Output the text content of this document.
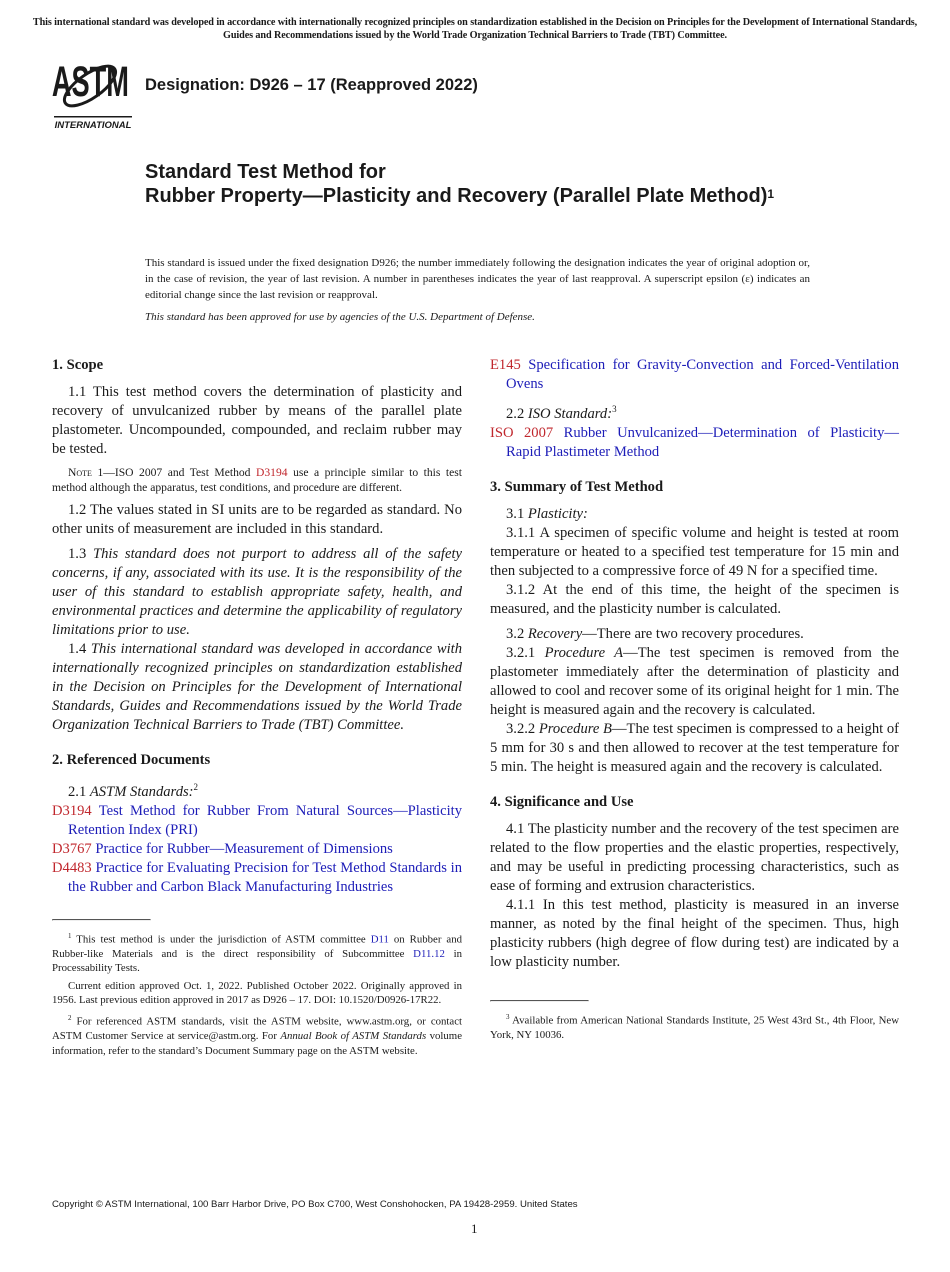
This international standard was developed in accordance with internationally recognized principles on standardization established in the Decision on Principles for the Development of International Standards, Guides and Recommendations issued by the World Trade Organization Technical Barriers to Trade (TBT) Committee.
ASTM
INTERNATIONAL
Designation: D926 – 17 (Reapproved 2022)
Standard Test Method for
Rubber Property—Plasticity and Recovery (Parallel Plate Method)$^1$
This standard is issued under the fixed designation D926; the number immediately following the designation indicates the year of original adoption or, in the case of revision, the year of last revision. A number in parentheses indicates the year of last reapproval. A superscript epsilon (ε) indicates an editorial change since the last revision or reapproval.
This standard has been approved for use by agencies of the U.S. Department of Defense.
1. Scope

1.1 This test method covers the determination of plasticity and recovery of unvulcanized rubber by means of the parallel plate plastometer. Uncompounded, compounded, and reclaim rubber may be tested.

Note 1—ISO 2007 and Test Method D3194 use a principle similar to this test method although the apparatus, test conditions, and procedure are different.

1.2 The values stated in SI units are to be regarded as standard. No other units of measurement are included in this standard.

1.3 This standard does not purport to address all of the safety concerns, if any, associated with its use. It is the responsibility of the user of this standard to establish appropriate safety, health, and environmental practices and determine the applicability of regulatory limitations prior to use.

1.4 This international standard was developed in accordance with internationally recognized principles on standardization established in the Decision on Principles for the Development of International Standards, Guides and Recommendations issued by the World Trade Organization Technical Barriers to Trade (TBT) Committee.

2. Referenced Documents

2.1 ASTM Standards:$^2$

D3194 Test Method for Rubber From Natural Sources—Plasticity Retention Index (PRI)

D3767 Practice for Rubber—Measurement of Dimensions

D4483 Practice for Evaluating Precision for Test Method Standards in the Rubber and Carbon Black Manufacturing Industries

$^1$ This test method is under the jurisdiction of ASTM committee D11 on Rubber and Rubber-like Materials and is the direct responsibility of Subcommittee D11.12 in Processability Tests.

Current edition approved Oct. 1, 2022. Published October 2022. Originally approved in 1956. Last previous edition approved in 2017 as D926 – 17. DOI: 10.1520/D0926-17R22.

$^2$ For referenced ASTM standards, visit the ASTM website, www.astm.org, or contact ASTM Customer Service at service@astm.org. For Annual Book of ASTM Standards volume information, refer to the standard’s Document Summary page on the ASTM website.

E145 Specification for Gravity-Convection and Forced-Ventilation Ovens

2.2 ISO Standard:$^3$

ISO 2007 Rubber Unvulcanized—Determination of Plasticity—Rapid Plastimeter Method

3. Summary of Test Method

3.1 Plasticity:

3.1.1 A specimen of specific volume and height is tested at room temperature or heated to a specified test temperature for 15 min and then subjected to a compressive force of 49 N for a specified time.

3.1.2 At the end of this time, the height of the specimen is measured, and the plasticity number is calculated.

3.2 Recovery—There are two recovery procedures.

3.2.1 Procedure A—The test specimen is removed from the plastometer immediately after the determination of plasticity and allowed to cool and recover some of its original height for 1 min. The height is measured again and the recovery is calculated.

3.2.2 Procedure B—The test specimen is compressed to a height of 5 mm for 30 s and then allowed to recover at the test temperature for 5 min. The height is measured again and the recovery is calculated.

4. Significance and Use

4.1 The plasticity number and the recovery of the test specimen are related to the flow properties and the elastic properties, respectively, and may be useful in predicting processing characteristics, such as ease of forming and extrusion characteristics.

4.1.1 In this test method, plasticity is measured in an inverse manner, as noted by the final height of the specimen. Thus, high plasticity rubbers (high degree of flow during test) are indicated by a low plasticity number.

$^3$ Available from American National Standards Institute, 25 West 43rd St., 4th Floor, New York, NY 10036.

Copyright © ASTM International, 100 Barr Harbor Drive, PO Box C700, West Conshohocken, PA 19428-2959. United States
1
